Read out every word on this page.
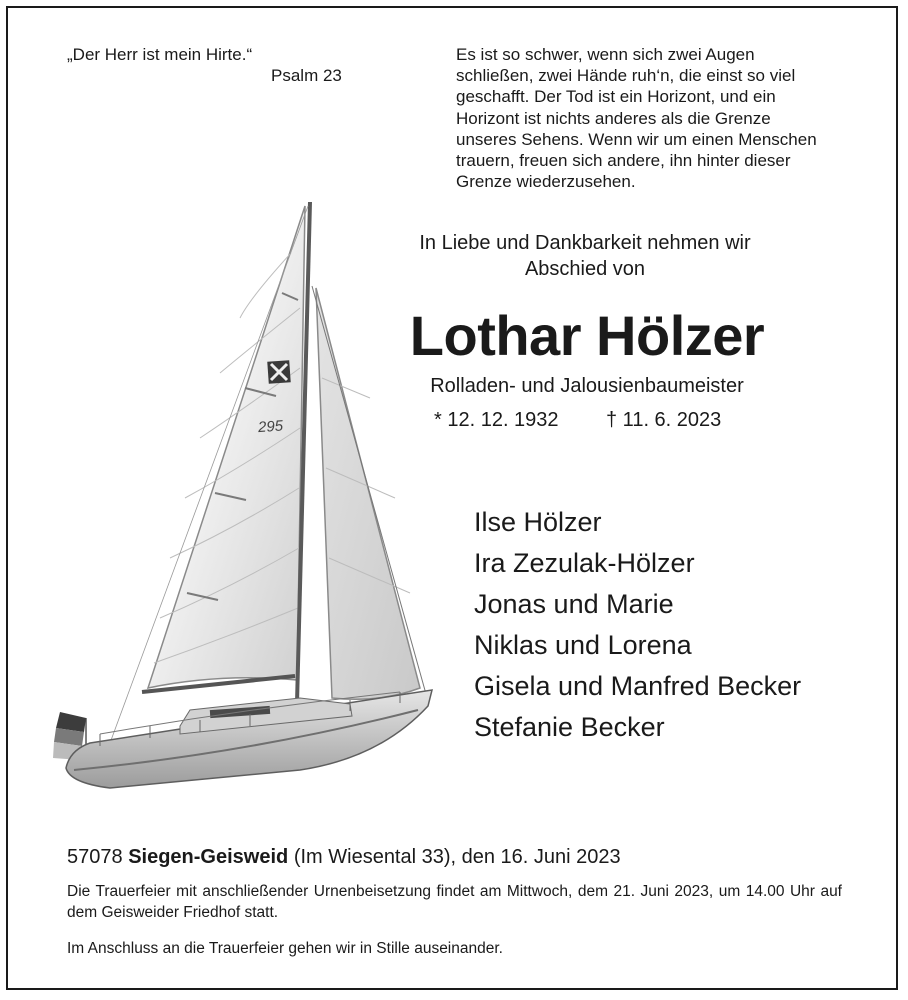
„Der Herr ist mein Hirte.“
Psalm 23
Es ist so schwer, wenn sich zwei Augen
schließen, zwei Hände ruh‘n, die einst so viel
geschafft. Der Tod ist ein Horizont, und ein
Horizont ist nichts anderes als die Grenze
unseres Sehens. Wenn wir um einen Menschen
trauern, freuen sich andere, ihn hinter dieser
Grenze wiederzusehen.
295
In Liebe und Dankbarkeit nehmen wir
Abschied von
Lothar Hölzer
Rolladen- und Jalousienbaumeister
* 12. 12. 1932 † 11. 6. 2023
Ilse Hölzer
Ira Zezulak-Hölzer
Jonas und Marie
Niklas und Lorena
Gisela und Manfred Becker
Stefanie Becker
57078 Siegen-Geisweid (Im Wiesental 33), den 16. Juni 2023
Die Trauerfeier mit anschließender Urnenbeisetzung findet am Mittwoch, dem 21. Juni 2023, um 14.00 Uhr auf dem Geisweider Friedhof statt.
Im Anschluss an die Trauerfeier gehen wir in Stille auseinander.
